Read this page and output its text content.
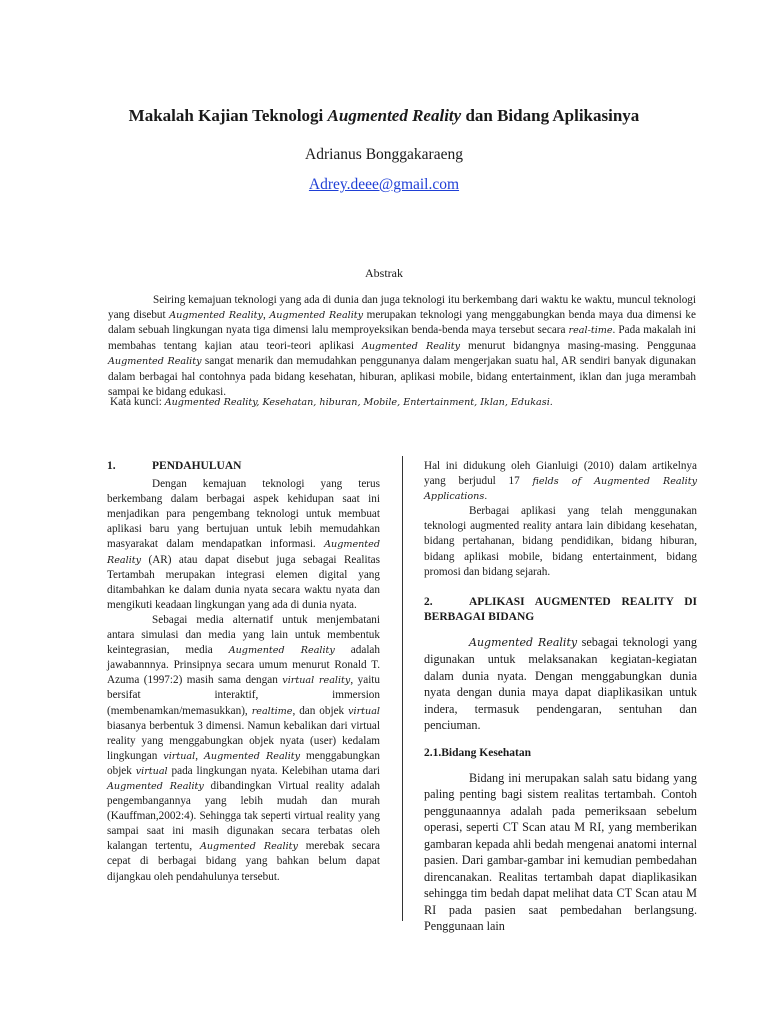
Makalah Kajian Teknologi Augmented Reality dan Bidang Aplikasinya
Adrianus Bonggakaraeng
Adrey.deee@gmail.com
Abstrak
Seiring kemajuan teknologi yang ada di dunia dan juga teknologi itu berkembang dari waktu ke waktu, muncul teknologi yang disebut Augmented Reality, Augmented Reality merupakan teknologi yang menggabungkan benda maya dua dimensi ke dalam sebuah lingkungan nyata tiga dimensi lalu memproyeksikan benda-benda maya tersebut secara real-time. Pada makalah ini membahas tentang kajian atau teori-teori aplikasi Augmented Reality menurut bidangnya masing-masing. Penggunaa Augmented Reality sangat menarik dan memudahkan penggunanya dalam mengerjakan suatu hal, AR sendiri banyak digunakan dalam berbagai hal contohnya pada bidang kesehatan, hiburan, aplikasi mobile, bidang entertainment, iklan dan juga merambah sampai ke bidang edukasi.
Kata kunci: Augmented Reality, Kesehatan, hiburan, Mobile, Entertainment, Iklan, Edukasi.

1.	PENDAHULUAN

Dengan kemajuan teknologi yang terus berkembang dalam berbagai aspek kehidupan saat ini menjadikan para pengembang teknologi untuk membuat aplikasi baru yang bertujuan untuk lebih memudahkan masyarakat dalam mendapatkan informasi. Augmented Reality (AR) atau dapat disebut juga sebagai Realitas Tertambah merupakan integrasi elemen digital yang ditambahkan ke dalam dunia nyata secara waktu nyata dan mengikuti keadaan lingkungan yang ada di dunia nyata.

Sebagai media alternatif untuk menjembatani antara simulasi dan media yang lain untuk membentuk keintegrasian, media Augmented Reality adalah jawabannnya. Prinsipnya secara umum menurut Ronald T. Azuma (1997:2) masih sama dengan virtual reality, yaitu bersifat interaktif, immersion (membenamkan/memasukkan), realtime, dan objek virtual biasanya berbentuk 3 dimensi. Namun kebalikan dari virtual reality yang menggabungkan objek nyata (user) kedalam lingkungan virtual, Augmented Reality menggabungkan objek virtual pada lingkungan nyata. Kelebihan utama dari Augmented Reality dibandingkan Virtual reality adalah pengembangannya yang lebih mudah dan murah (Kauffman,2002:4). Sehingga tak seperti virtual reality yang sampai saat ini masih digunakan secara terbatas oleh kalangan tertentu, Augmented Reality merebak secara cepat di berbagai bidang yang bahkan belum dapat dijangkau oleh pendahulunya tersebut.

Hal ini didukung oleh Gianluigi (2010) dalam artikelnya yang berjudul 17 fields of Augmented Reality Applications.

Berbagai aplikasi yang telah menggunakan teknologi augmented reality antara lain dibidang kesehatan, bidang pertahanan, bidang pendidikan, bidang hiburan, bidang aplikasi mobile, bidang entertainment, bidang promosi dan bidang sejarah.

2.	APLIKASI AUGMENTED REALITY DI BERBAGAI BIDANG

Augmented Reality sebagai teknologi yang digunakan untuk melaksanakan kegiatan-kegiatan dalam dunia nyata. Dengan menggabungkan dunia nyata dengan dunia maya dapat diaplikasikan untuk indera, termasuk pendengaran, sentuhan dan penciuman.

2.1.Bidang Kesehatan

Bidang ini merupakan salah satu bidang yang paling penting bagi sistem realitas tertambah. Contoh penggunaannya adalah pada pemeriksaan sebelum operasi, seperti CT Scan atau M RI, yang memberikan gambaran kepada ahli bedah mengenai anatomi internal pasien. Dari gambar-gambar ini kemudian pembedahan direncanakan. Realitas tertambah dapat diaplikasikan sehingga tim bedah dapat melihat data CT Scan atau M RI pada pasien saat pembedahan berlangsung. Penggunaan lain
